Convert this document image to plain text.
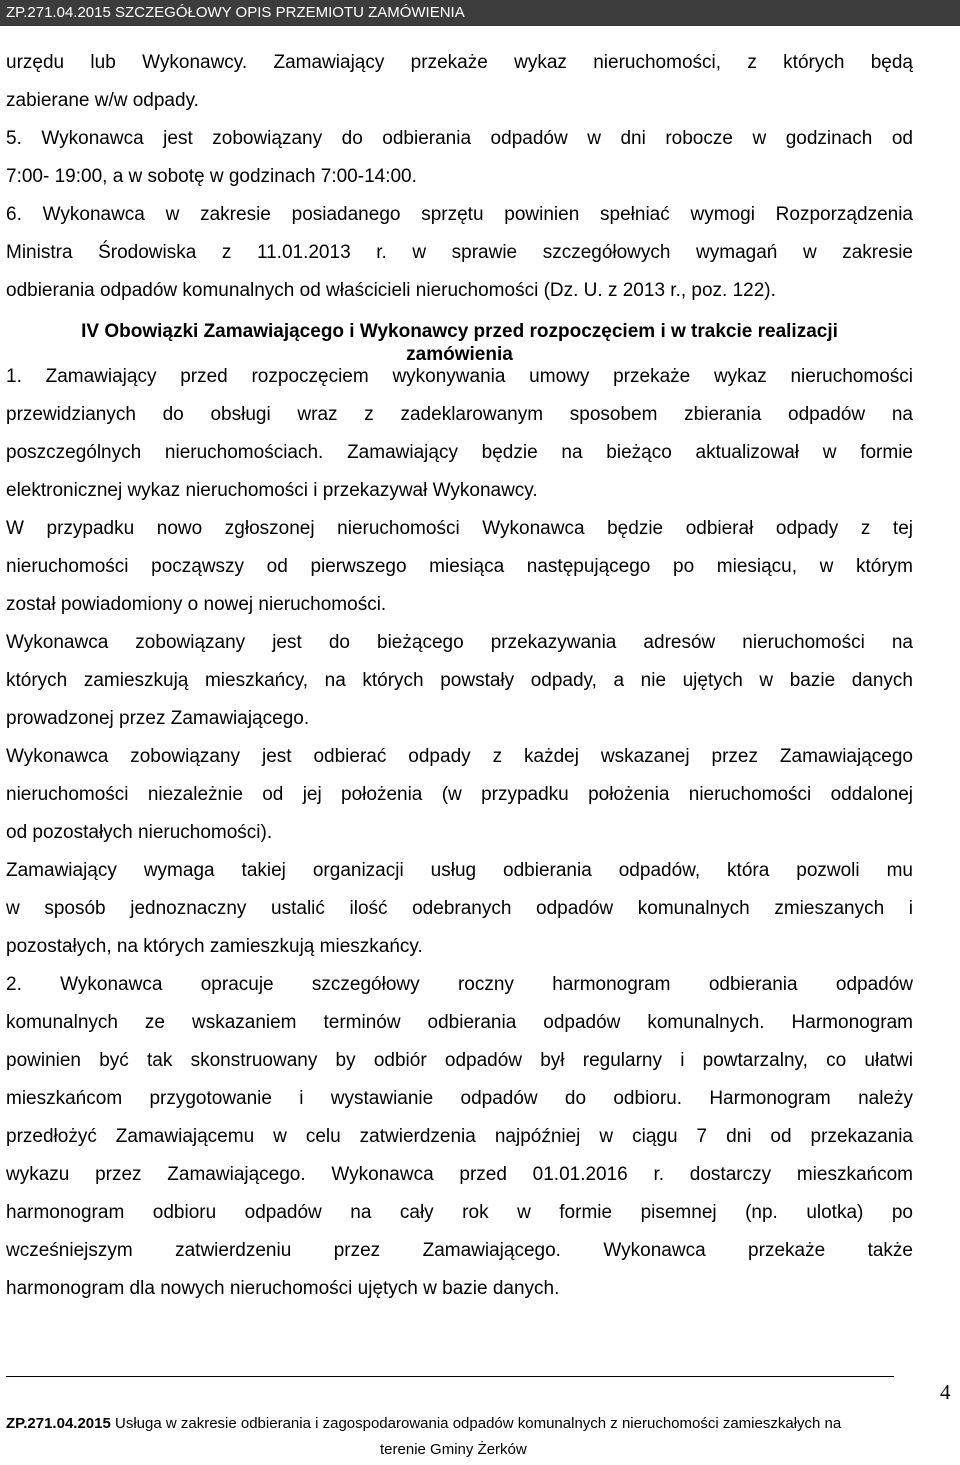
ZP.271.04.2015 SZCZEGÓŁOWY OPIS PRZEMIOTU ZAMÓWIENIA
urzędu lub Wykonawcy. Zamawiający przekaże wykaz nieruchomości, z których będą
zabierane w/w odpady.
5. Wykonawca jest zobowiązany do odbierania odpadów w dni robocze w godzinach od
7:00- 19:00, a w sobotę w godzinach 7:00-14:00.
6. Wykonawca w zakresie posiadanego sprzętu powinien spełniać wymogi Rozporządzenia
Ministra Środowiska z 11.01.2013 r. w sprawie szczegółowych wymagań w zakresie
odbierania odpadów komunalnych od właścicieli nieruchomości (Dz. U. z 2013 r., poz. 122).
1. Zamawiający przed rozpoczęciem wykonywania umowy przekaże wykaz nieruchomości
przewidzianych do obsługi wraz z zadeklarowanym sposobem zbierania odpadów na
poszczególnych nieruchomościach. Zamawiający będzie na bieżąco aktualizował w formie
elektronicznej wykaz nieruchomości i przekazywał Wykonawcy.
W przypadku nowo zgłoszonej nieruchomości Wykonawca będzie odbierał odpady z tej
nieruchomości począwszy od pierwszego miesiąca następującego po miesiącu, w którym
został powiadomiony o nowej nieruchomości.
Wykonawca zobowiązany jest do bieżącego przekazywania adresów nieruchomości na
których zamieszkują mieszkańcy, na których powstały odpady, a nie ujętych w bazie danych
prowadzonej przez Zamawiającego.
Wykonawca zobowiązany jest odbierać odpady z każdej wskazanej przez Zamawiającego
nieruchomości niezależnie od jej położenia (w przypadku położenia nieruchomości oddalonej
od pozostałych nieruchomości).
Zamawiający wymaga takiej organizacji usług odbierania odpadów, która pozwoli mu
w sposób jednoznaczny ustalić ilość odebranych odpadów komunalnych zmieszanych i
pozostałych, na których zamieszkują mieszkańcy.
2. Wykonawca opracuje szczegółowy roczny harmonogram odbierania odpadów
komunalnych ze wskazaniem terminów odbierania odpadów komunalnych. Harmonogram
powinien być tak skonstruowany by odbiór odpadów był regularny i powtarzalny, co ułatwi
mieszkańcom przygotowanie i wystawianie odpadów do odbioru. Harmonogram należy
przedłożyć Zamawiającemu w celu zatwierdzenia najpóźniej w ciągu 7 dni od przekazania
wykazu przez Zamawiającego. Wykonawca przed 01.01.2016 r. dostarczy mieszkańcom
harmonogram odbioru odpadów na cały rok w formie pisemnej (np. ulotka) po
wcześniejszym zatwierdzeniu przez Zamawiającego. Wykonawca przekaże także
harmonogram dla nowych nieruchomości ujętych w bazie danych.
IV Obowiązki Zamawiającego i Wykonawcy przed rozpoczęciem i w trakcie realizacji
zamówienia
4
ZP.271.04.2015 Usługa w zakresie odbierania i zagospodarowania odpadów komunalnych z nieruchomości zamieszkałych na
terenie Gminy Żerków
